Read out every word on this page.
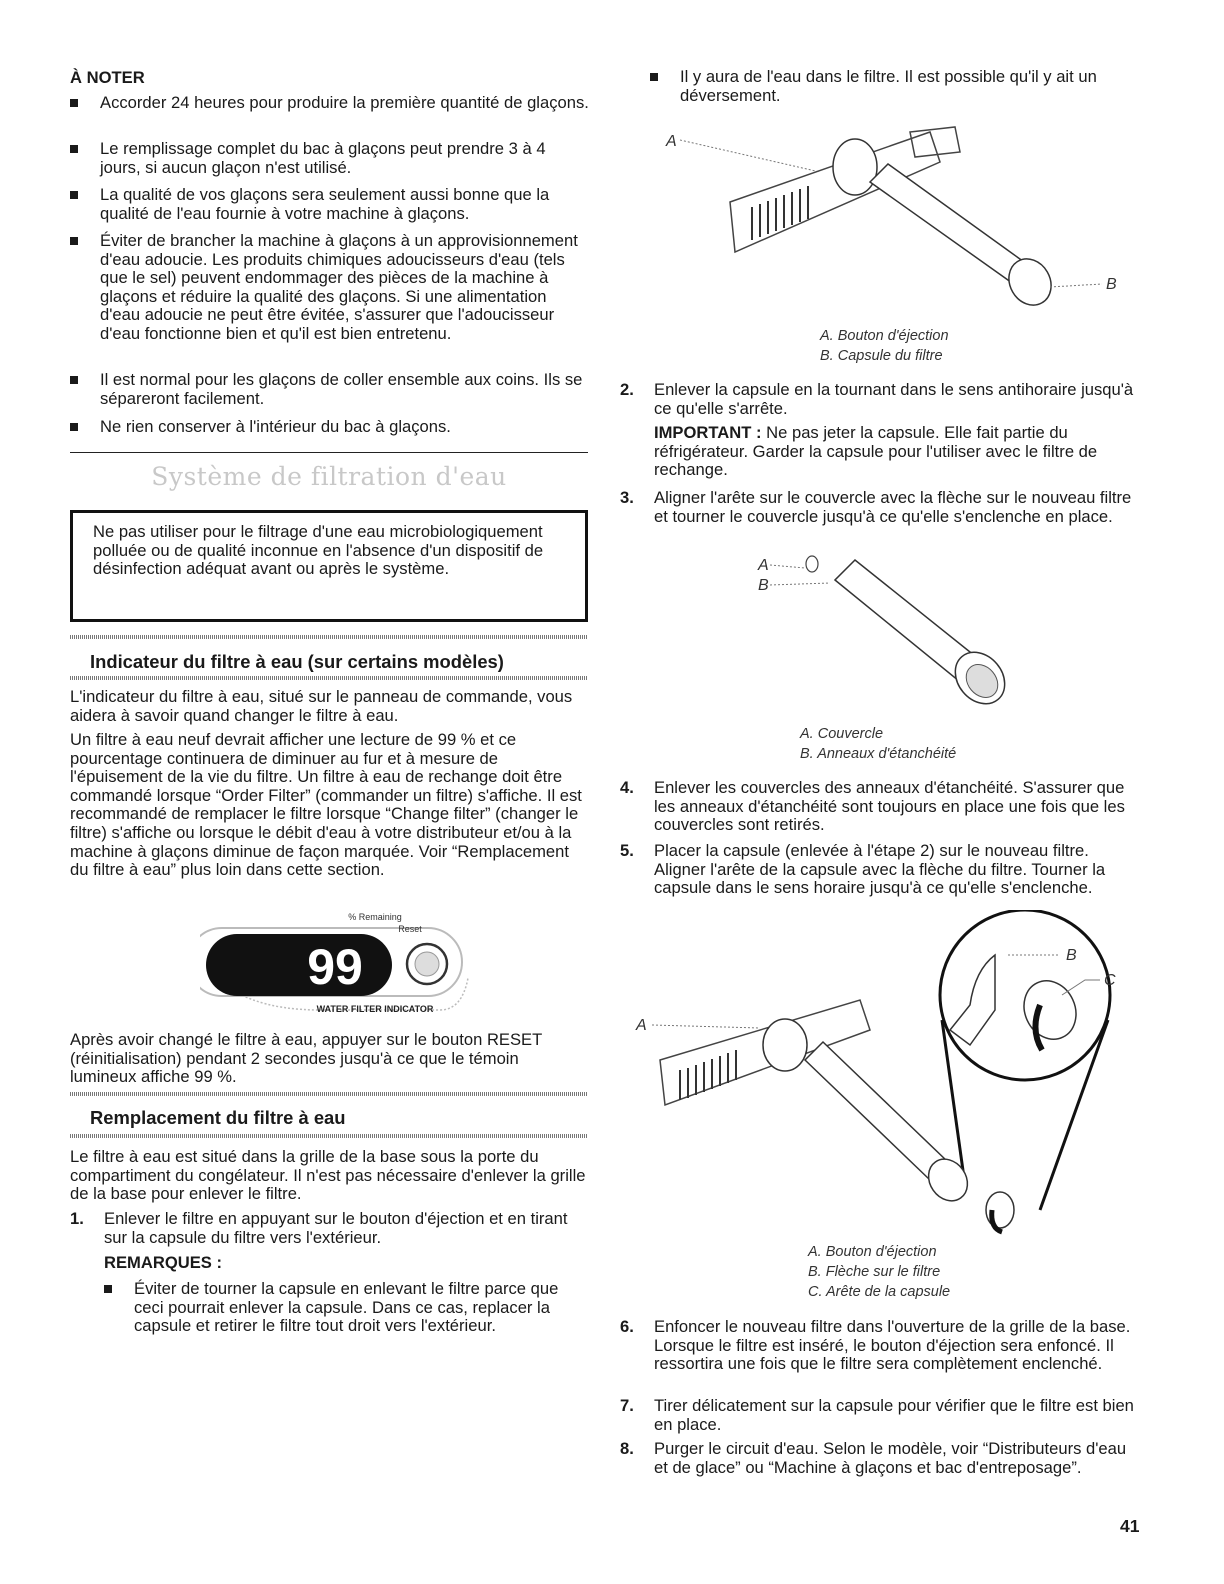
À NOTER

Accorder 24 heures pour produire la première quantité de glaçons.

Le remplissage complet du bac à glaçons peut prendre 3 à 4 jours, si aucun glaçon n'est utilisé.

La qualité de vos glaçons sera seulement aussi bonne que la qualité de l'eau fournie à votre machine à glaçons.

Éviter de brancher la machine à glaçons à un approvisionnement d'eau adoucie. Les produits chimiques adoucisseurs d'eau (tels que le sel) peuvent endommager des pièces de la machine à glaçons et réduire la qualité des glaçons. Si une alimentation d'eau adoucie ne peut être évitée, s'assurer que l'adoucisseur d'eau fonctionne bien et qu'il est bien entretenu.

Il est normal pour les glaçons de coller ensemble aux coins. Ils se sépareront facilement.

Ne rien conserver à l'intérieur du bac à glaçons.

Système de filtration d'eau

Ne pas utiliser pour le filtrage d'une eau microbiologiquement polluée ou de qualité inconnue en l'absence d'un dispositif de désinfection adéquat avant ou après le système.

Indicateur du filtre à eau (sur certains modèles)

L'indicateur du filtre à eau, situé sur le panneau de commande, vous aidera à savoir quand changer le filtre à eau.

Un filtre à eau neuf devrait afficher une lecture de 99 % et ce pourcentage continuera de diminuer au fur et à mesure de l'épuisement de la vie du filtre. Un filtre à eau de rechange doit être commandé lorsque “Order Filter” (commander un filtre) s'affiche. Il est recommandé de remplacer le filtre lorsque “Change filter” (changer le filtre) s'affiche ou lorsque le débit d'eau à votre distributeur et/ou à la machine à glaçons diminue de façon marquée. Voir “Remplacement du filtre à eau” plus loin dans cette section.

99
% Remaining
Reset
WATER FILTER INDICATOR

Après avoir changé le filtre à eau, appuyer sur le bouton RESET (réinitialisation) pendant 2 secondes jusqu'à ce que le témoin lumineux affiche 99 %.

Remplacement du filtre à eau

Le filtre à eau est situé dans la grille de la base sous la porte du compartiment du congélateur. Il n'est pas nécessaire d'enlever la grille de la base pour enlever le filtre.

1. Enlever le filtre en appuyant sur le bouton d'éjection et en tirant sur la capsule du filtre vers l'extérieur.

REMARQUES :

Éviter de tourner la capsule en enlevant le filtre parce que ceci pourrait enlever la capsule. Dans ce cas, replacer la capsule et retirer le filtre tout droit vers l'extérieur.

Il y aura de l'eau dans le filtre. Il est possible qu'il y ait un déversement.

A
B

A. Bouton d'éjection

B. Capsule du filtre

2. Enlever la capsule en la tournant dans le sens antihoraire jusqu'à ce qu'elle s'arrête.

IMPORTANT : Ne pas jeter la capsule. Elle fait partie du réfrigérateur. Garder la capsule pour l'utiliser avec le filtre de rechange.

3. Aligner l'arête sur le couvercle avec la flèche sur le nouveau filtre et tourner le couvercle jusqu'à ce qu'elle s'enclenche en place.

A
B

A. Couvercle

B. Anneaux d'étanchéité

4. Enlever les couvercles des anneaux d'étanchéité. S'assurer que les anneaux d'étanchéité sont toujours en place une fois que les couvercles sont retirés.

5. Placer la capsule (enlevée à l'étape 2) sur le nouveau filtre. Aligner l'arête de la capsule avec la flèche du filtre. Tourner la capsule dans le sens horaire jusqu'à ce qu'elle s'enclenche.

B
C
A

A. Bouton d'éjection

B. Flèche sur le filtre

C. Arête de la capsule

6. Enfoncer le nouveau filtre dans l'ouverture de la grille de la base. Lorsque le filtre est inséré, le bouton d'éjection sera enfoncé. Il ressortira une fois que le filtre sera complètement enclenché.

7. Tirer délicatement sur la capsule pour vérifier que le filtre est bien en place.

8. Purger le circuit d'eau. Selon le modèle, voir “Distributeurs d'eau et de glace” ou “Machine à glaçons et bac d'entreposage”.

41
